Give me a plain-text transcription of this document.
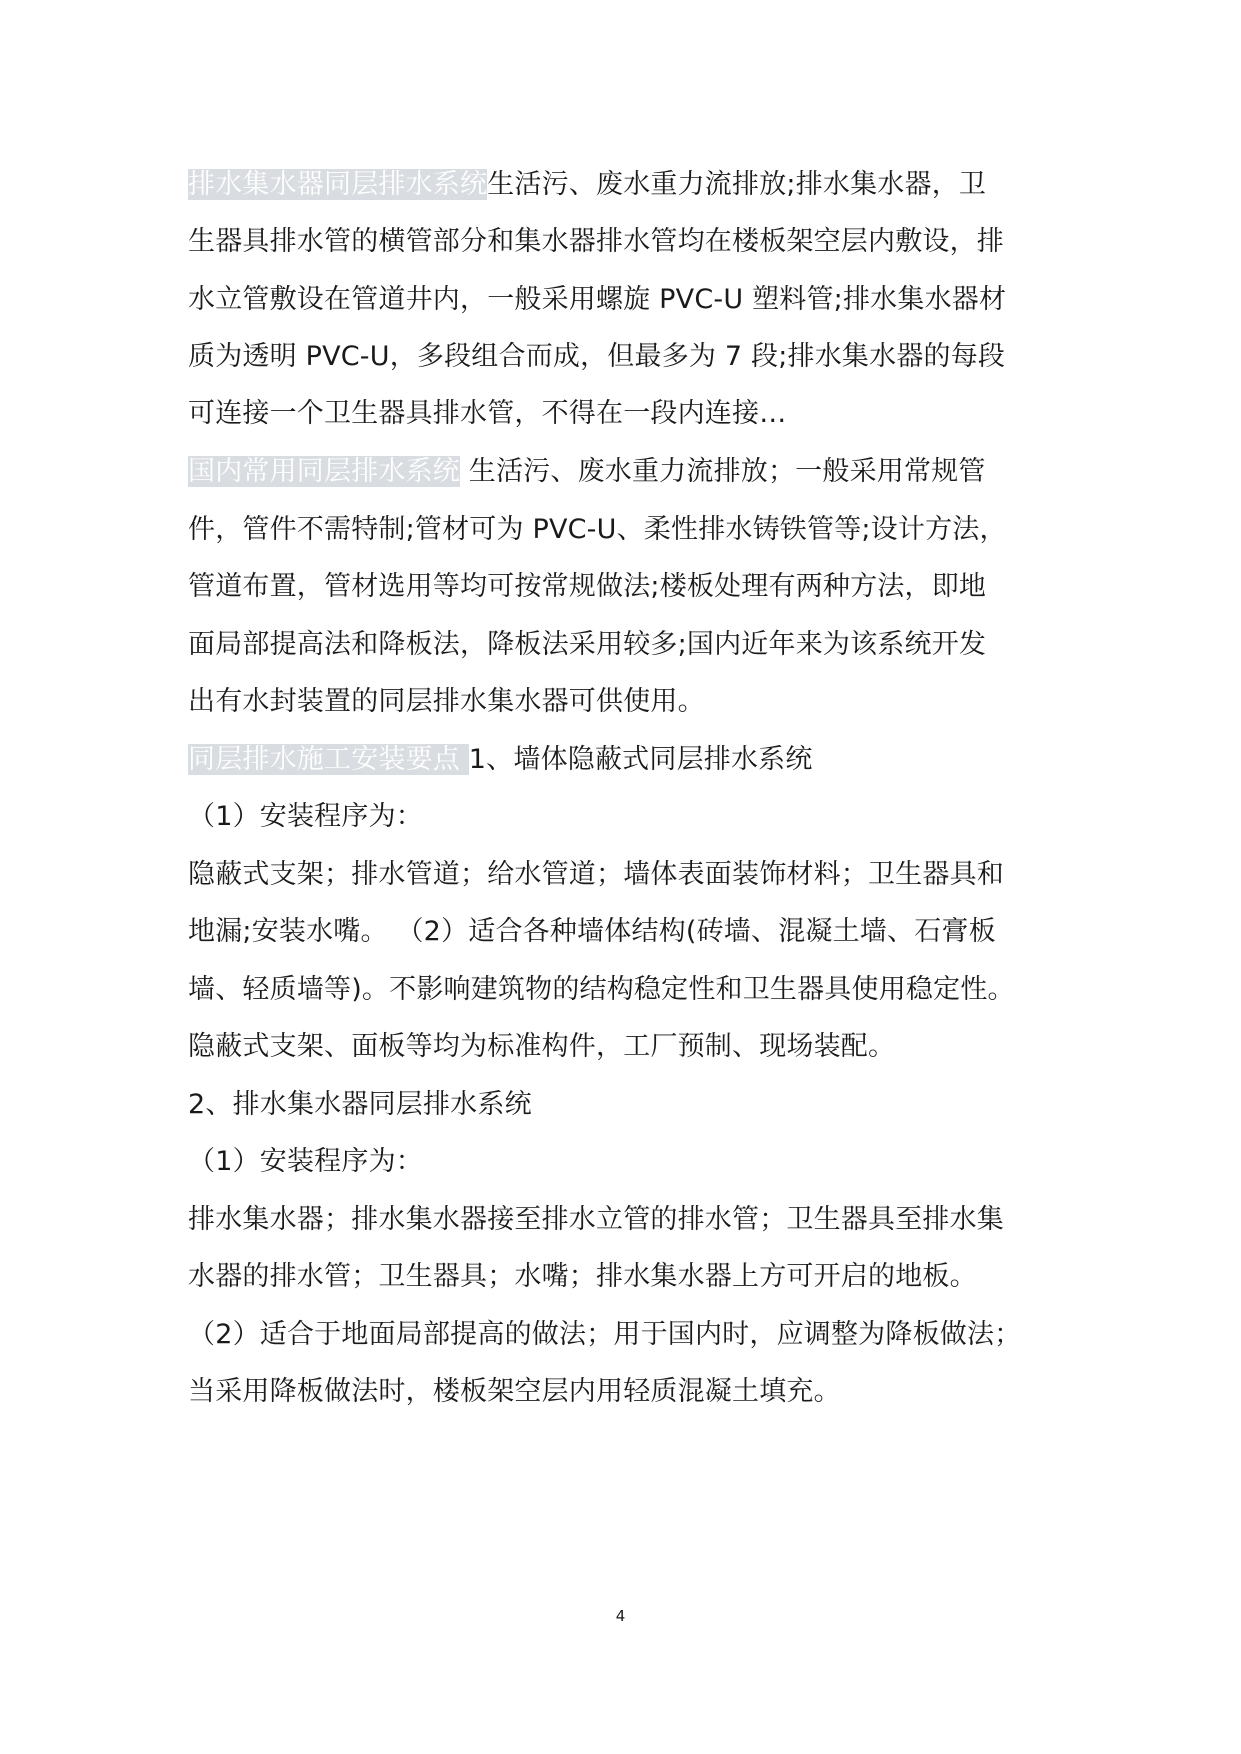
排水集水器同层排水系统生活污、废水重力流排放;排水集水器，卫
生器具排水管的横管部分和集水器排水管均在楼板架空层内敷设，排
水立管敷设在管道井内，一般采用螺旋 PVC-U 塑料管;排水集水器材
质为透明 PVC-U，多段组合而成，但最多为 7 段;排水集水器的每段
可连接一个卫生器具排水管，不得在一段内连接…
国内常用同层排水系统 生活污、废水重力流排放；一般采用常规管
件，管件不需特制;管材可为 PVC-U、柔性排水铸铁管等;设计方法，
管道布置，管材选用等均可按常规做法;楼板处理有两种方法，即地
面局部提高法和降板法，降板法采用较多;国内近年来为该系统开发
出有水封装置的同层排水集水器可供使用。
同层排水施工安装要点 1、墙体隐蔽式同层排水系统
（1）安装程序为：
隐蔽式支架；排水管道；给水管道；墙体表面装饰材料；卫生器具和
地漏;安装水嘴。 （2）适合各种墙体结构(砖墙、混凝土墙、石膏板
墙、轻质墙等)。不影响建筑物的结构稳定性和卫生器具使用稳定性。
隐蔽式支架、面板等均为标准构件，工厂预制、现场装配。
2、排水集水器同层排水系统
（1）安装程序为：
排水集水器；排水集水器接至排水立管的排水管；卫生器具至排水集
水器的排水管；卫生器具；水嘴；排水集水器上方可开启的地板。
（2）适合于地面局部提高的做法；用于国内时，应调整为降板做法；
当采用降板做法时，楼板架空层内用轻质混凝土填充。
4
